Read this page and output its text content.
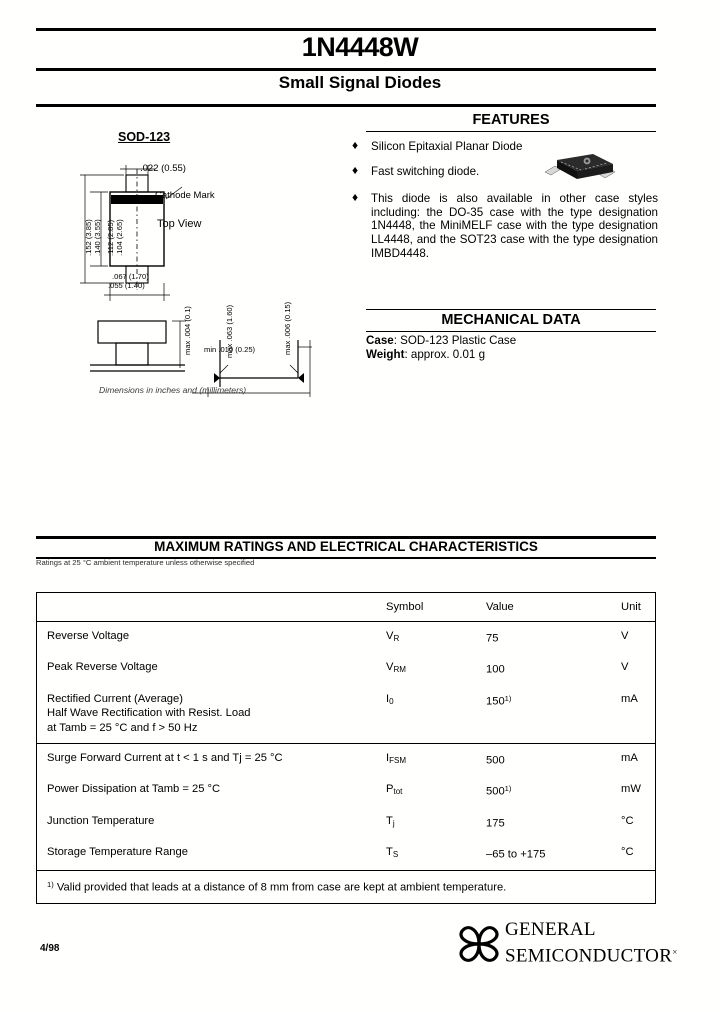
1N4448W
Small Signal Diodes
SOD-123
.022 (0.55)
Cathode Mark
Top View
.152 (3.85) .140 (3.55) .112 (2.85) .104 (2.65)
.067 (1.70)
.055 (1.40)
max .004 (0.1)	max .063 (1.60)	max .006 (0.15)
min .010 (0.25)
Dimensions in inches and (millimeters)
FEATURES
♦ Silicon Epitaxial Planar Diode
♦ Fast switching diode.
♦ This diode is also available in other case styles including: the DO-35 case with the type designation 1N4448, the MiniMELF case with the type designation LL4448, and the SOT23 case with the type designation IMBD4448.
MECHANICAL DATA
Case: SOD-123 Plastic Case
Weight: approx. 0.01 g
MAXIMUM RATINGS AND ELECTRICAL CHARACTERISTICS
Ratings at 25 °C ambient temperature unless otherwise specified
Symbol	Value	Unit
Reverse Voltage	$V_R$	75	V
Peak Reverse Voltage	$V_{RM}$	100	V
Rectified Current (Average)
Half Wave Rectification with Resist. Load
at Tamb = 25 °C and f > 50 Hz
$I_0$	150$^{1)}$	mA
Surge Forward Current at t < 1 s and Tj = 25 °C	$I_{FSM}$	500	mA
Power Dissipation at Tamb = 25 °C	$P_{tot}$	500$^{1)}$	mW
Junction Temperature	$T_j$	175	°C
Storage Temperature Range	$T_S$	–65 to +175	°C
$^{1)}$ Valid provided that leads at a distance of 8 mm from case are kept at ambient temperature.
4/98
GENERAL
SEMICONDUCTOR×
